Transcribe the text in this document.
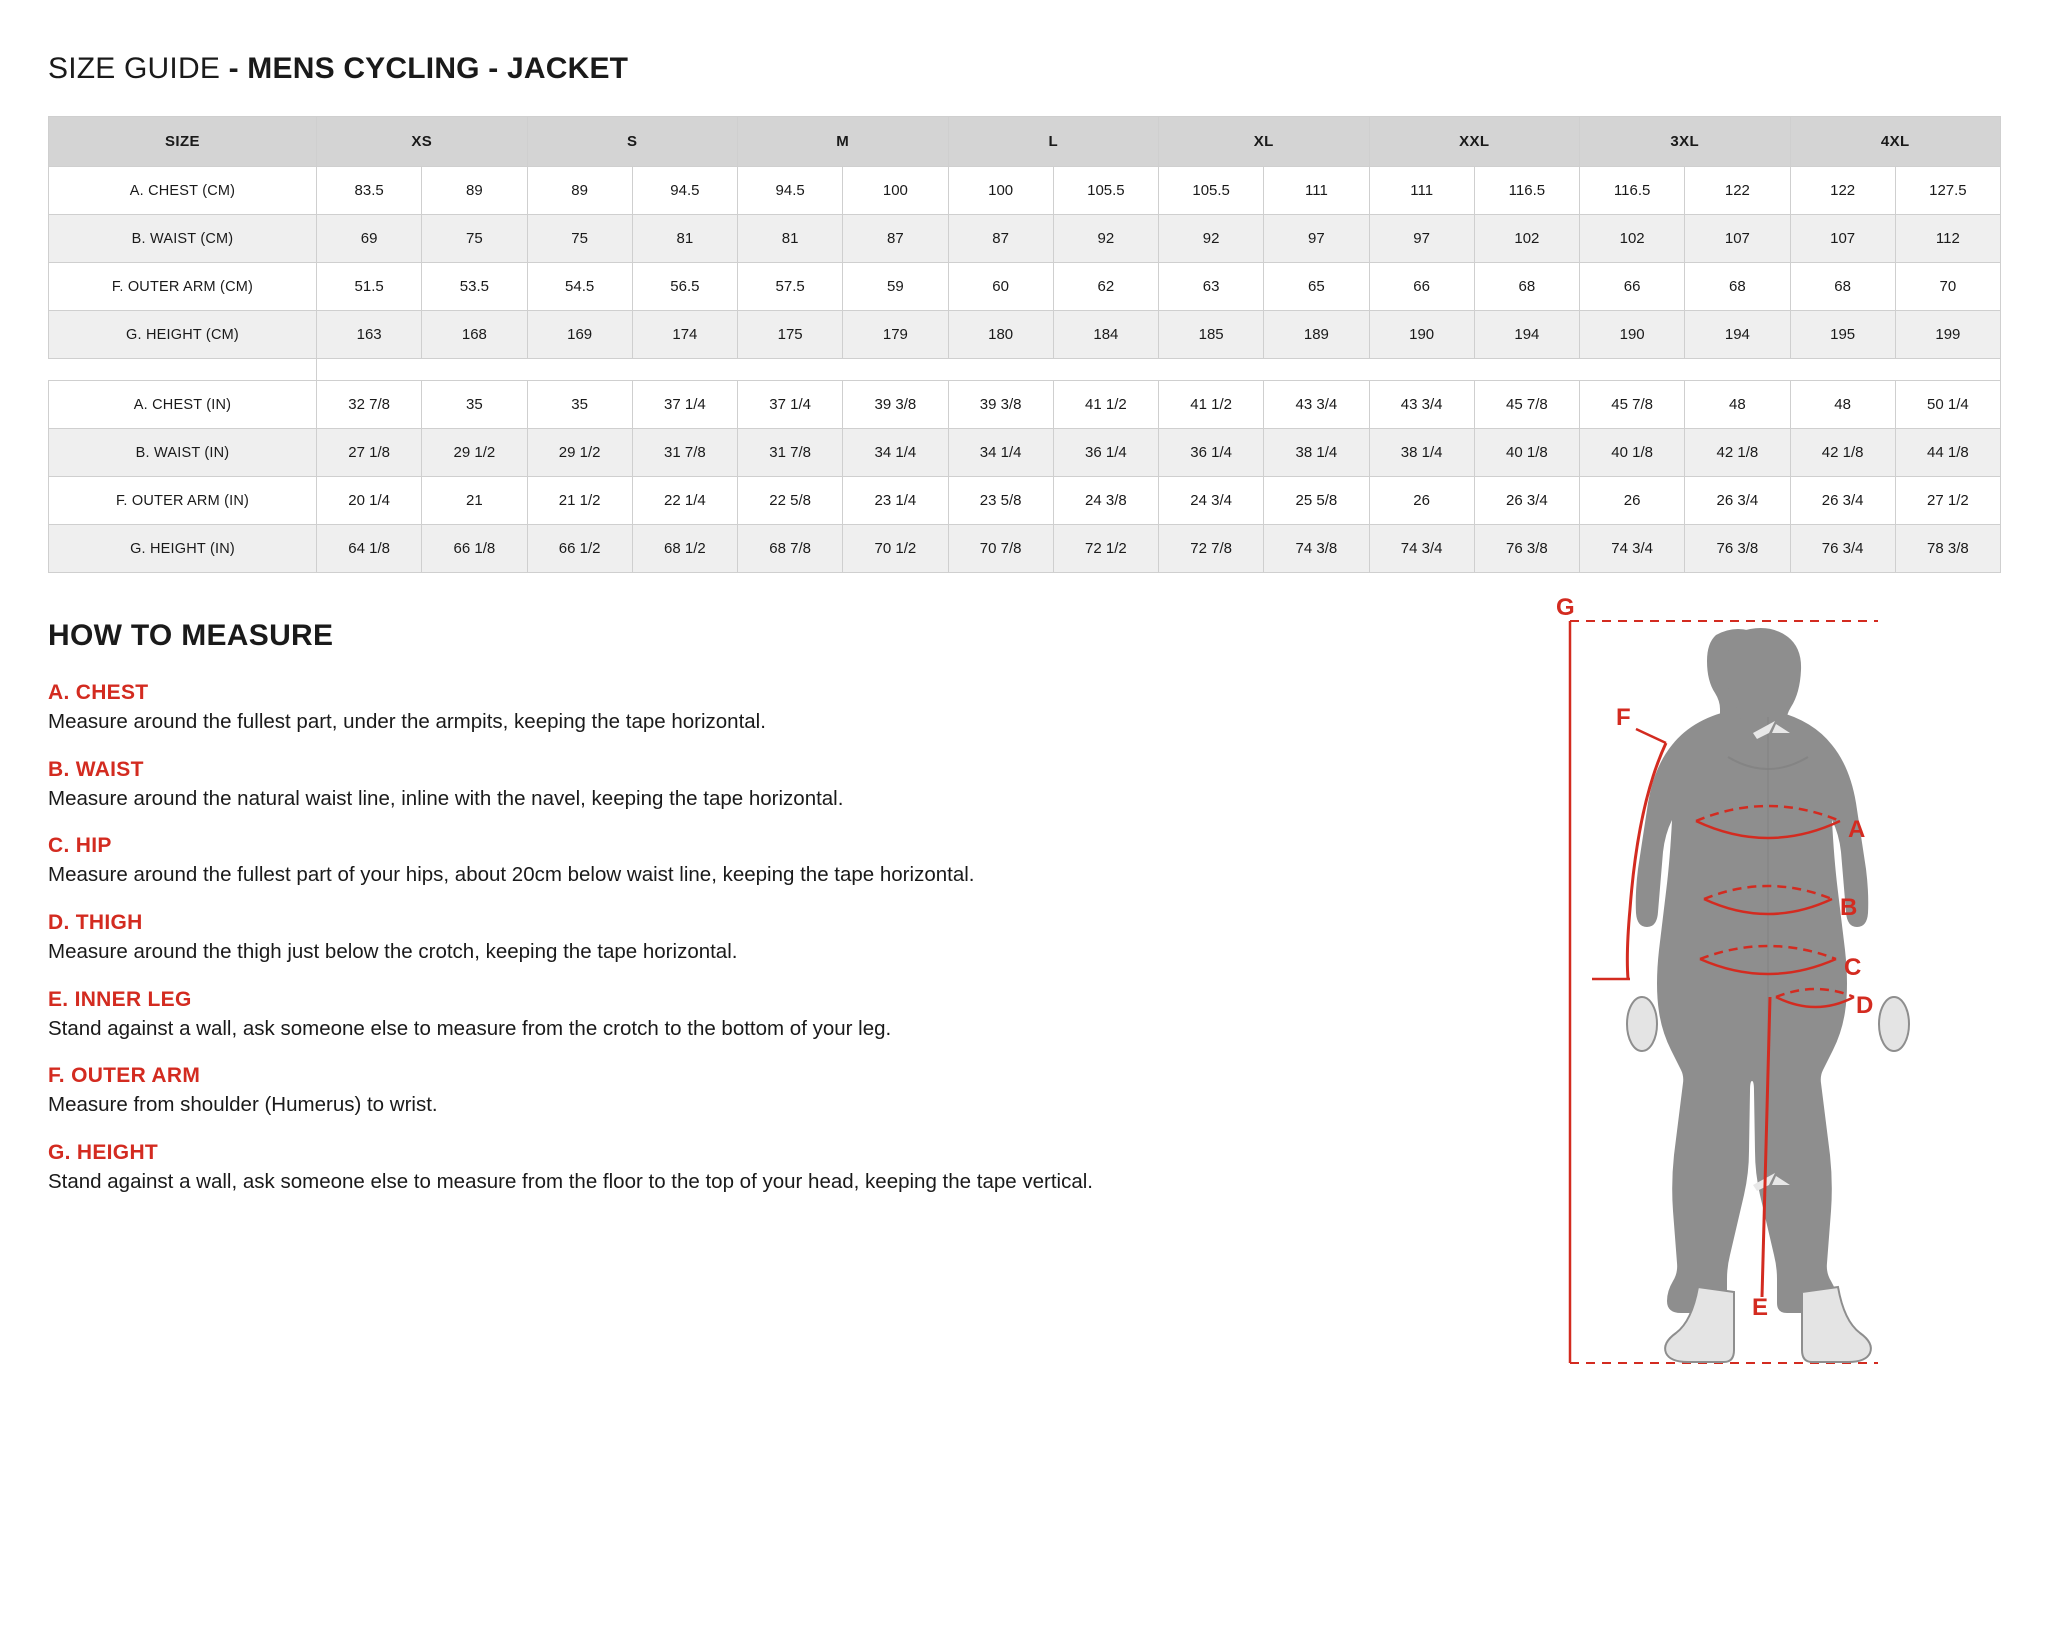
SIZE GUIDE - MENS CYCLING - JACKET
SIZE	XS		S		M		L		XL		XXL		3XL		4XL	
A. CHEST (CM)	83.5	89	89	94.5	94.5	100	100	105.5	105.5	111	111	116.5	116.5	122	122	127.5
B. WAIST (CM)	69	75	75	81	81	87	87	92	92	97	97	102	102	107	107	112
F. OUTER ARM (CM)	51.5	53.5	54.5	56.5	57.5	59	60	62	63	65	66	68	66	68	68	70
G. HEIGHT (CM)	163	168	169	174	175	179	180	184	185	189	190	194	190	194	195	199

A. CHEST (IN)	32 7/8	35	35	37 1/4	37 1/4	39 3/8	39 3/8	41 1/2	41 1/2	43 3/4	43 3/4	45 7/8	45 7/8	48	48	50 1/4
B. WAIST (IN)	27 1/8	29 1/2	29 1/2	31 7/8	31 7/8	34 1/4	34 1/4	36 1/4	36 1/4	38 1/4	38 1/4	40 1/8	40 1/8	42 1/8	42 1/8	44 1/8
F. OUTER ARM (IN)	20 1/4	21	21 1/2	22 1/4	22 5/8	23 1/4	23 5/8	24 3/8	24 3/4	25 5/8	26	26 3/4	26	26 3/4	26 3/4	27 1/2
G. HEIGHT (IN)	64 1/8	66 1/8	66 1/2	68 1/2	68 7/8	70 1/2	70 7/8	72 1/2	72 7/8	74 3/8	74 3/4	76 3/8	74 3/4	76 3/8	76 3/4	78 3/8
HOW TO MEASURE
A. CHEST
Measure around the fullest part, under the armpits, keeping the tape horizontal.
B. WAIST
Measure around the natural waist line, inline with the navel, keeping the tape horizontal.
C. HIP
Measure around the fullest part of your hips, about 20cm below waist line, keeping the tape horizontal.
D. THIGH
Measure around the thigh just below the crotch, keeping the tape horizontal.
E. INNER LEG
Stand against a wall, ask someone else to measure from the crotch to the bottom of your leg.
F. OUTER ARM
Measure from shoulder (Humerus) to wrist.
G. HEIGHT
Stand against a wall, ask someone else to measure from the floor to the top of your head, keeping the tape vertical.
G
F
A
B
C
D
E
